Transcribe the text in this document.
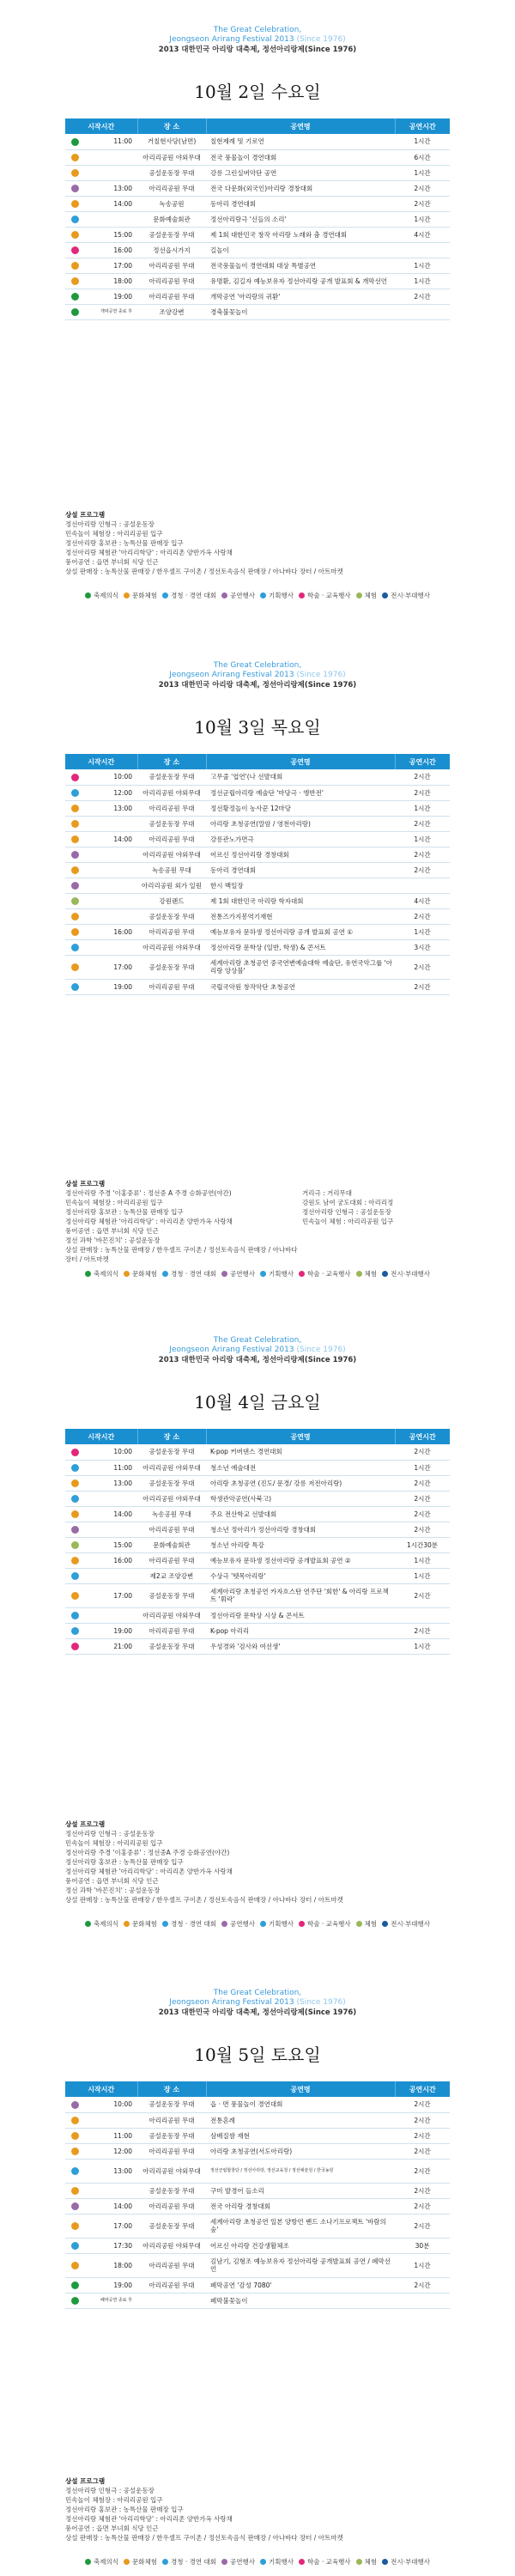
The Great Celebration,
Jeongseon Arirang Festival 2013 (Since 1976)
2013 대한민국 아리랑 대축제, 정선아리랑제(Since 1976)
10월 2일 수요일
시작시간		장 소	공연명	공연시간
	11:00	거칠현사당(남면)	칠현제례 및 기로연	1시간
		아리리공원 야외무대	전국 풍물놀이 경연대회	6시간
		공설운동장 무대	강릉 그린실버악단 공연	1시간
	13:00	아리리공원 무대	전국 다문화(외국인)아리랑 경창대회	2시간
	14:00	녹송공원	동아리 경연대회	2시간
		문화예술회관	정선아리랑극 '신들의 소리'	1시간
	15:00	공설운동장 무대	제 1회 대한민국 창작 아리랑 노래와 춤 경연대회	4시간
	16:00	정선읍시가지	길놀이	
	17:00	아리리공원 무대	전국풍물놀이 경연대회 대상 특별공연	1시간
	18:00	아리리공원 무대	유명환, 김길자 예능보유자 정선아리랑 공개 발표회 & 개막선언	1시간
	19:00	아리리공원 무대	개막공연 '아리랑의 귀환'	2시간
	개막공연 종료 후	조양강변	경축불꽃놀이	
상설 프로그램
정선아리랑 인형극 : 공설운동장
민속놀이 체험장 : 아리리공원 입구
정선아리랑 홍보관 : 농특산물 판매장 입구
정선아리랑 체험관 '아리리학당' : 아리리촌 양반가옥 사랑채
풍어공연 : 읍면 부녀회 식당 인근
상설 판매장 : 농특산물 판매장 / 한우셀프 구이촌 / 정선토속음식 판매장 / 아나바다 장터 / 아트마켓
축제의식 문화체험 경청 · 경연 대회 공연행사 기획행사 학술 · 교육행사 체험 전시·부대행사
The Great Celebration,
Jeongseon Arirang Festival 2013 (Since 1976)
2013 대한민국 아리랑 대축제, 정선아리랑제(Since 1976)
10월 3일 목요일
시작시간		장 소	공연명	공연시간
	10:00	공설운동장 무대	고무줄 '엽연'(나 선발대회	2시간
	12:00	아리리공원 야외무대	정선군립아리랑 예술단 '마당극 · 앵반전'	2시간
	13:00	아리리공원 무대	정선황정놀이 농사꾼 12마당	1시간
		공설운동장 무대	아리랑 초청공연(말암 / 영천아리랑)	2시간
	14:00	아리리공원 무대	강릉관노가면극	1시간
		아리리공원 야외무대	어르신 정선아리랑 경창대회	2시간
		녹송공원 무대	동아리 경연대회	2시간
		아리리공원 외가 일원	한시 백일장	
		강원랜드	제 1회 대한민국 아리랑 학자대회	4시간
		공설운동장 무대	전통즈가지봉역기재현	2시간
	16:00	아리리공원 무대	예능보유자 문하생 정선아리랑 공개 발표회 공연 ①	1시간
		아리리공원 야외무대	정선아리랑 문학상 (일반, 학생) & 콘서트	3시간
	17:00	공설운동장 무대	세계아리랑 초청공연 중국연변예술대학 예술단, 유연국악그룹 '아리랑 앙상블'	2시간
	19:00	아리리공원 무대	국립국악원 창작악단 초청공연	2시간
상설 프로그램
정선아리랑 주경 '이홍중류' : 정선중 A 주경 승화공연(야간)
민속놀이 체험장 : 아리리공원 입구
정선아리랑 홍보관 : 농특산물 판매장 입구
정선아리랑 체험관 '아리리학당' : 아리리촌 양반가옥 사랑채
풍어공연 : 읍면 부녀회 식당 인근
정선 과학 '바꼰진치' : 공설운동장
상설 판매장 : 농특산물 판매장 / 한우셀프 구이촌 / 정선토속음식 판매장 / 아나바다 장터 / 아트마켓
거리극 : 거리무대
강원도 남여 궁도대회 : 아리리정
정선아리랑 인형극 : 공설운동장
민속놀이 체험 : 아리리공원 입구
축제의식 문화체험 경청 · 경연 대회 공연행사 기획행사 학술 · 교육행사 체험 전시·부대행사
The Great Celebration,
Jeongseon Arirang Festival 2013 (Since 1976)
2013 대한민국 아리랑 대축제, 정선아리랑제(Since 1976)
10월 4일 금요일
시작시간		장 소	공연명	공연시간
	10:00	공설운동장 무대	K-pop 커버댄스 경연대회	2시간
	11:00	아리리공원 야외무대	청소년 예술대전	1시간
	13:00	공설운동장 무대	아리랑 초청공연 (진도/ 문경/ 강릉 저전아리랑)	2시간
		아리리공원 야외무대	학생관악공연(사북고)	2시간
	14:00	녹송공원 무대	주요 전산학교 선발대회	2시간
		아리리공원 무대	청소년 정아리가 정선아리랑 경창대회	2시간
	15:00	문화예술회관	청소년 아리랑 특강	1시간30분
	16:00	아리리공원 무대	예능보유자 문하생 정선아리랑 공개발표회 공연 ②	1시간
		제2교 조양강변	수상극 '뗏목아리랑'	1시간
	17:00	공설운동장 무대	세계아리랑 초청공연 카자흐스탄 연주단 '회한' & 아리랑 프로젝트 '휘락'	2시간
		아리리공원 야외무대	정선아리랑 문학상 시상 & 콘서트	
	19:00	아리리공원 무대	K-pop 아리리	2시간
	21:00	공설운동장 무대	우성경와 '검사와 여선생'	1시간
상설 프로그램
정선아리랑 인형극 : 공설운동장
민속놀이 체험장 : 아리리공원 입구
정선아리랑 주경 '이홍중류' : 정선중A 주경 승화공연(야간)
정선아리랑 홍보관 : 농특산물 판매장 입구
정선아리랑 체험관 '아리리학당' : 아리리촌 양반가옥 사랑채
풍어공연 : 읍면 부녀회 식당 인근
정선 과학 '바꼰진치' : 공설운동장
상설 판매장 : 농특산물 판매장 / 한우셀프 구이촌 / 정선토속음식 판매장 / 아나바다 장터 / 아트마켓
축제의식 문화체험 경청 · 경연 대회 공연행사 기획행사 학술 · 교육행사 체험 전시·부대행사
The Great Celebration,
Jeongseon Arirang Festival 2013 (Since 1976)
2013 대한민국 아리랑 대축제, 정선아리랑제(Since 1976)
10월 5일 토요일
시작시간		장 소	공연명	공연시간
	10:00	공설운동장 무대	읍 · 면 풍물놀이 경연대회	2시간
		아리리공원 무대	전통혼례	2시간
	11:00	공설운동장 무대	삼배질쌈 재현	2시간
	12:00	아리리공원 무대	아리랑 초청공연(서도아리랑)	2시간
	13:00	아리리공원 야외무대	정선군립합창단 / 정선아리랑, 정선교육청 / 정선예술원 / 한국농원	2시간
		공설운동장 무대	구미 발경어 들소리	2시간
	14:00	아리리공원 무대	전국 아리랑 경창대회	2시간
	17:00	공설운동장 무대	세계아리랑 초청공연 일본 양방언 밴드 소나기프로젝트 '바람의 숲'	2시간
	17:30	아리리공원 야외무대	어르신 아리랑 건강생활체조	30분
	18:00	아리리공원 무대	김남기, 김형조 예능보유자 정선아리랑 공개발표회 공연 / 폐막선언	1시간
	19:00	아리리공원 무대	폐막공연 '감성 7080'	2시간
	폐막공연 종료 후		폐막불꽃놀이	
상설 프로그램
정선아리랑 인형극 : 공설운동장
민속놀이 체험장 : 아리리공원 입구
정선아리랑 홍보관 : 농특산물 판매장 입구
정선아리랑 체험관 '아리리학당' : 아리리촌 양반가옥 사랑채
풍어공연 : 읍면 부녀회 식당 인근
상설 판매장 : 농특산물 판매장 / 한우셀프 구이촌 / 정선토속음식 판매장 / 아나바다 장터 / 아트마켓
축제의식 문화체험 경청 · 경연 대회 공연행사 기획행사 학술 · 교육행사 체험 전시·부대행사
